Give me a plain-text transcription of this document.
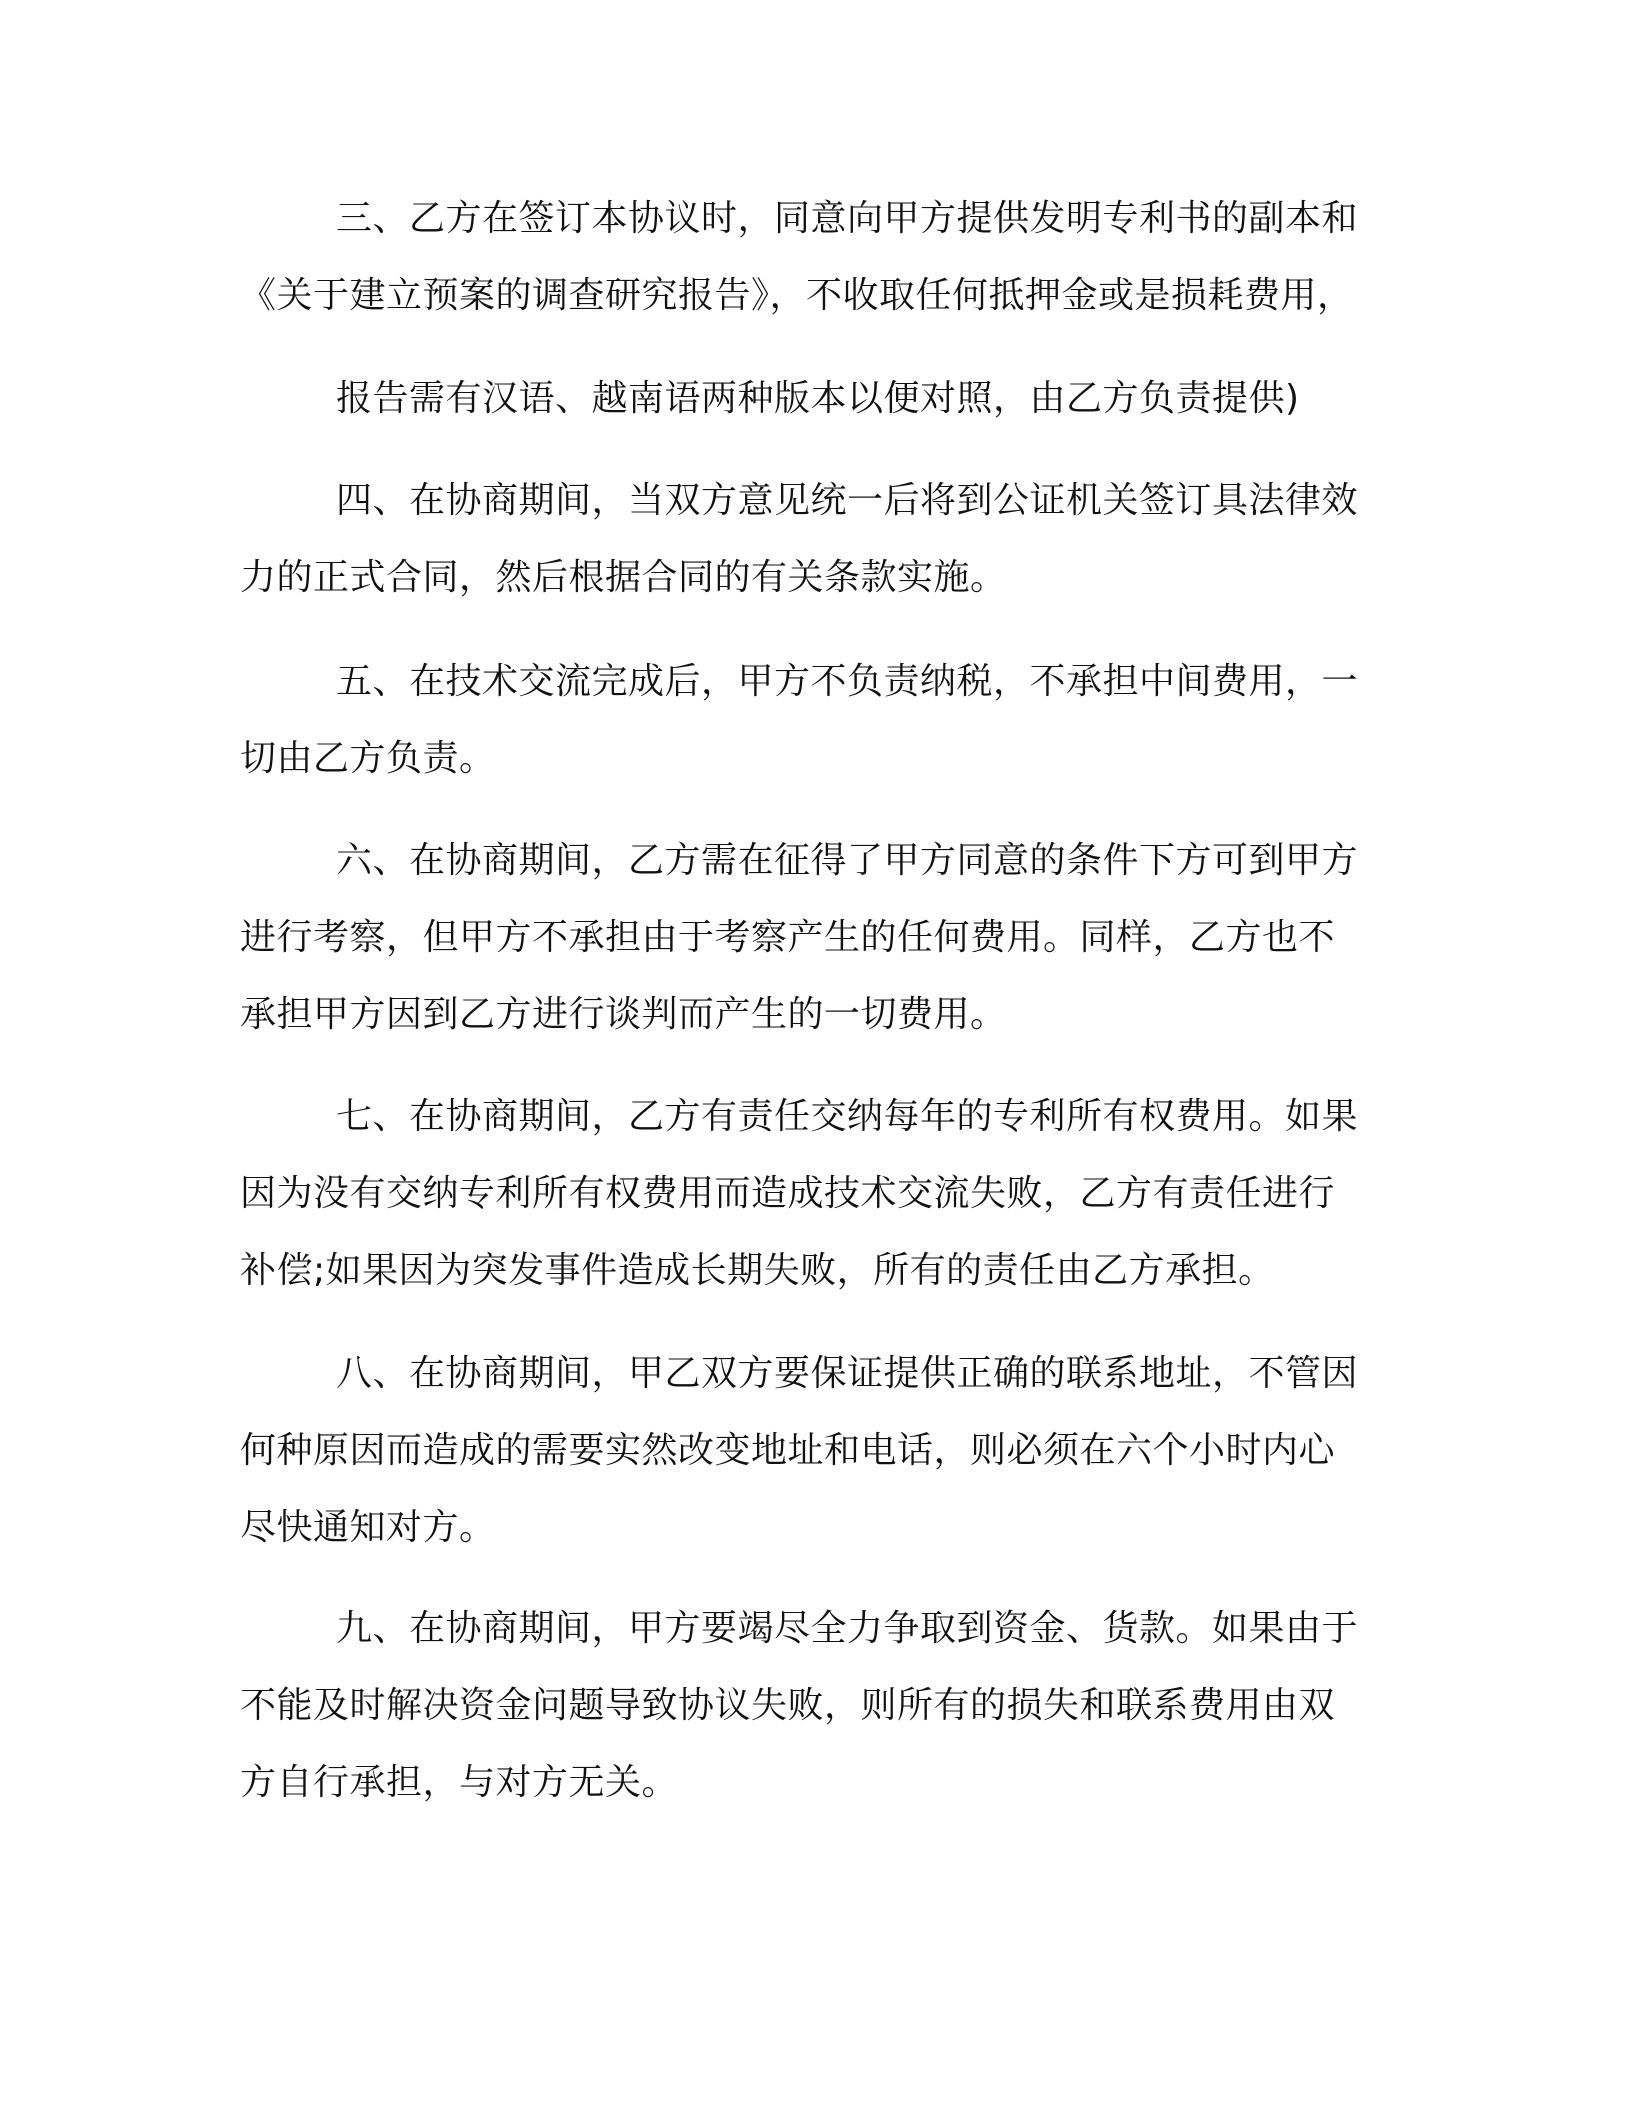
三、乙方在签订本协议时，同意向甲方提供发明专利书的副本和
《关于建立预案的调查研究报告》，不收取任何抵押金或是损耗费用，
报告需有汉语、越南语两种版本以便对照，由乙方负责提供)
四、在协商期间，当双方意见统一后将到公证机关签订具法律效
力的正式合同，然后根据合同的有关条款实施。
五、在技术交流完成后，甲方不负责纳税，不承担中间费用，一
切由乙方负责。
六、在协商期间，乙方需在征得了甲方同意的条件下方可到甲方
进行考察，但甲方不承担由于考察产生的任何费用。同样，乙方也不
承担甲方因到乙方进行谈判而产生的一切费用。
七、在协商期间，乙方有责任交纳每年的专利所有权费用。如果
因为没有交纳专利所有权费用而造成技术交流失败，乙方有责任进行
补偿;如果因为突发事件造成长期失败，所有的责任由乙方承担。
八、在协商期间，甲乙双方要保证提供正确的联系地址，不管因
何种原因而造成的需要实然改变地址和电话，则必须在六个小时内心
尽快通知对方。
九、在协商期间，甲方要竭尽全力争取到资金、货款。如果由于
不能及时解决资金问题导致协议失败，则所有的损失和联系费用由双
方自行承担，与对方无关。
